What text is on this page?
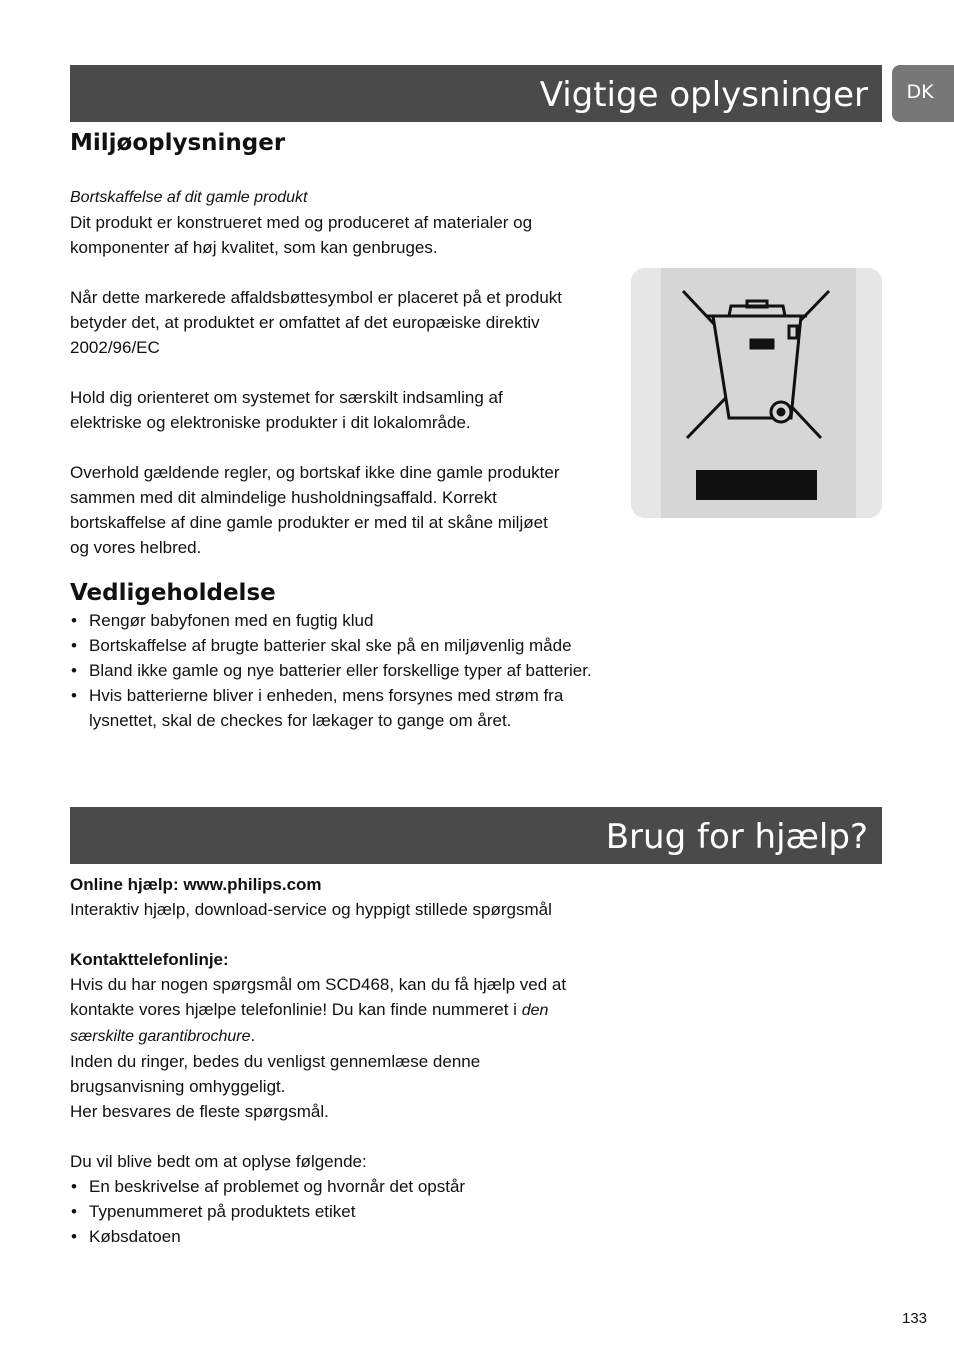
Vigtige oplysninger	DK
Miljøoplysninger

Bortskaffelse af dit gamle produkt

Dit produkt er konstrueret med og produceret af materialer og komponenter af høj kvalitet, som kan genbruges.

Når dette markerede affaldsbøttesymbol er placeret på et produkt betyder det, at produktet er omfattet af det europæiske direktiv 2002/96/EC

Hold dig orienteret om systemet for særskilt indsamling af elektriske og elektroniske produkter i dit lokalområde.

Overhold gældende regler, og bortskaf ikke dine gamle produkter sammen med dit almindelige husholdningsaffald. Korrekt bortskaffelse af dine gamle produkter er med til at skåne miljøet og vores helbred.

Vedligeholdelse
• Rengør babyfonen med en fugtig klud
• Bortskaffelse af brugte batterier skal ske på en miljøvenlig måde
• Bland ikke gamle og nye batterier eller forskellige typer af batterier.
• Hvis batterierne bliver i enheden, mens forsynes med strøm fra lysnettet, skal de checkes for lækager to gange om året.
Brug for hjælp?

Online hjælp: www.philips.com

Interaktiv hjælp, download-service og hyppigt stillede spørgsmål

Kontakttelefonlinje:

Hvis du har nogen spørgsmål om SCD468, kan du få hjælp ved at kontakte vores hjælpe telefonlinie! Du kan finde nummeret i den særskilte garantibrochure.

Inden du ringer, bedes du venligst gennemlæse denne brugsanvisning omhyggeligt.

Her besvares de fleste spørgsmål.

Du vil blive bedt om at oplyse følgende:

• En beskrivelse af problemet og hvornår det opstår
• Typenummeret på produktets etiket
• Købsdatoen
133
